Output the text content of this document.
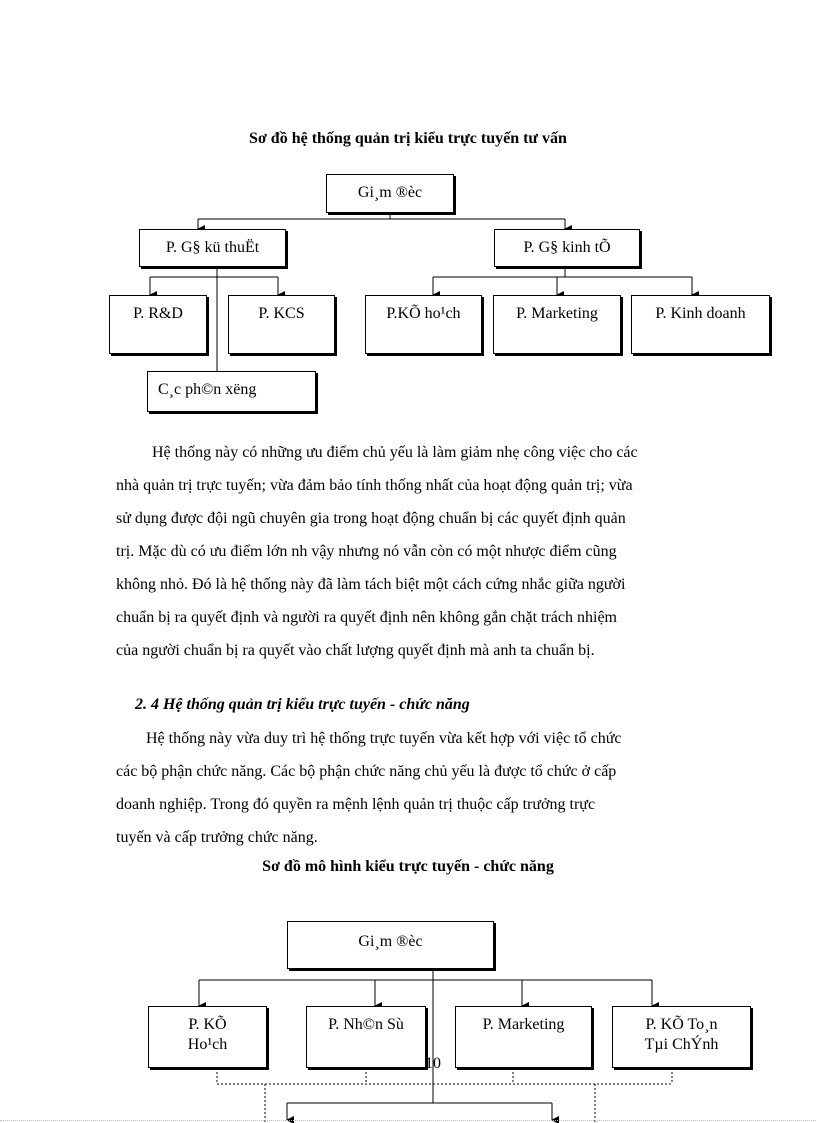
Sơ đồ hệ thống quản trị kiểu trực tuyến tư vấn
Gi¸m ®èc
P. G§ kü thuËt	P. G§ kinh tÕ
P. R&D	P. KCS	P.KÕ ho¹ch	P. Marketing	P. Kinh doanh
C¸c ph©n xëng

Hệ thống này có những ưu điểm chủ yếu là làm giảm nhẹ công việc cho các

nhà quản trị trực tuyến; vừa đảm bảo tính thống nhất của hoạt động quản trị; vừa

sử dụng được đội ngũ chuyên gia trong hoạt động chuẩn bị các quyết định quản

trị. Mặc dù có ưu điểm lớn nh vậy nhưng nó vẫn còn có một nhược điểm cũng

không nhỏ. Đó là hệ thống này đã làm tách biệt một cách cứng nhắc giữa người

chuẩn bị ra quyết định và người ra quyết định nên không gắn chặt trách nhiệm

của người chuẩn bị ra quyết vào chất lượng quyết định mà anh ta chuẩn bị.

2. 4 Hệ thống quản trị kiểu trực tuyến - chức năng

Hệ thống này vừa duy trì hệ thống trực tuyến vừa kết hợp với việc tổ chức

các bộ phận chức năng. Các bộ phận chức năng chủ yếu là được tổ chức ở cấp

doanh nghiệp. Trong đó quyền ra mệnh lệnh quản trị thuộc cấp trưởng trực

tuyến và cấp trưởng chức năng.

Sơ đồ mô hình kiểu trực tuyến - chức năng
Gi¸m ®èc
P. KÕ
Ho¹ch
P. Nh©n Sù	P. Marketing	P. KÕ To¸n
Tµi ChÝnh
10
